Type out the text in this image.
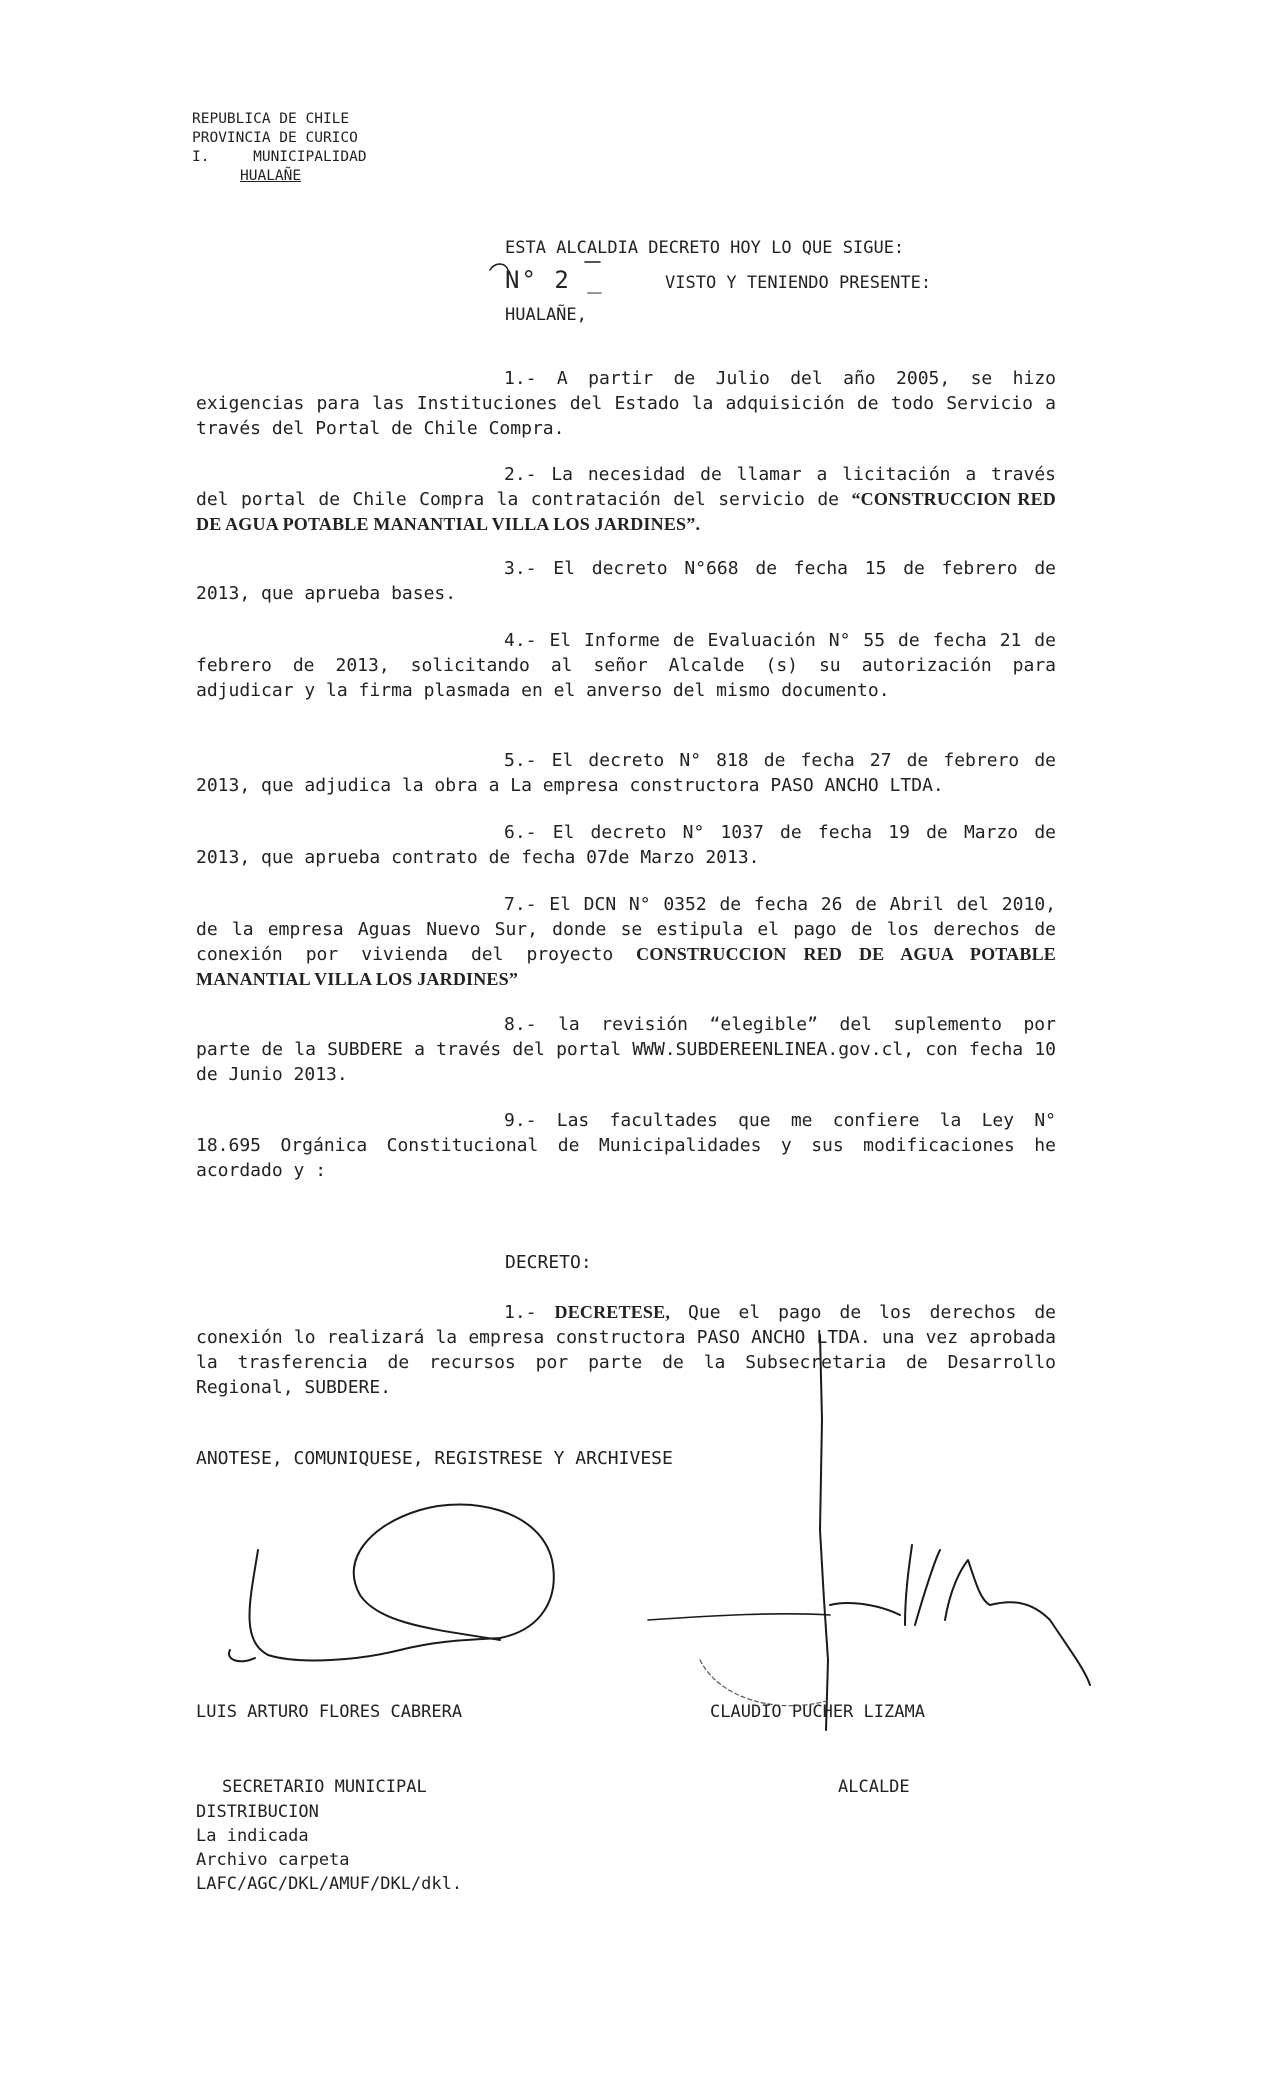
REPUBLICA DE CHILE
PROVINCIA DE CURICO
I.     MUNICIPALIDAD
HUALAÑE
ESTA ALCALDIA DECRETO HOY LO QUE SIGUE:
N° 2 _	VISTO Y TENIENDO PRESENTE:
HUALAÑE,

1.- A partir de Julio del año 2005, se hizo exigencias para las Instituciones del Estado la adquisición de todo Servicio a través del Portal de Chile Compra.

2.- La necesidad de llamar a licitación a través del portal de Chile Compra la contratación del servicio de “CONSTRUCCION RED DE AGUA POTABLE MANANTIAL VILLA LOS JARDINES”.

3.- El decreto N°668 de fecha 15 de febrero de 2013, que aprueba bases.

4.- El Informe de Evaluación N° 55 de fecha 21 de febrero de 2013, solicitando al señor Alcalde (s) su autorización para adjudicar y la firma plasmada en el anverso del mismo documento.

5.- El decreto N° 818 de fecha 27 de febrero de 2013, que adjudica la obra a La empresa constructora PASO ANCHO LTDA.

6.- El decreto N° 1037 de fecha 19 de Marzo de 2013, que aprueba contrato de fecha 07de Marzo 2013.

7.- El DCN N° 0352 de fecha 26 de Abril del 2010, de la empresa Aguas Nuevo Sur, donde se estipula el pago de los derechos de conexión por vivienda del proyecto CONSTRUCCION RED DE AGUA POTABLE MANANTIAL VILLA LOS JARDINES”

8.- la revisión “elegible” del suplemento por parte de la SUBDERE a través del portal WWW.SUBDEREENLINEA.gov.cl, con fecha 10 de Junio 2013.

9.- Las facultades que me confiere la Ley N° 18.695 Orgánica Constitucional de Municipalidades y sus modificaciones he acordado y :

DECRETO:

1.- DECRETESE, Que el pago de los derechos de conexión lo realizará la empresa constructora PASO ANCHO LTDA. una vez aprobada la trasferencia de recursos por parte de la Subsecretaria de Desarrollo Regional, SUBDERE.

ANOTESE, COMUNIQUESE, REGISTRESE Y ARCHIVESE

LUIS ARTURO FLORES CABRERA

SECRETARIO MUNICIPAL

CLAUDIO PUCHER LIZAMA

ALCALDE

DISTRIBUCION
La indicada
Archivo carpeta
LAFC/AGC/DKL/AMUF/DKL/dkl.
